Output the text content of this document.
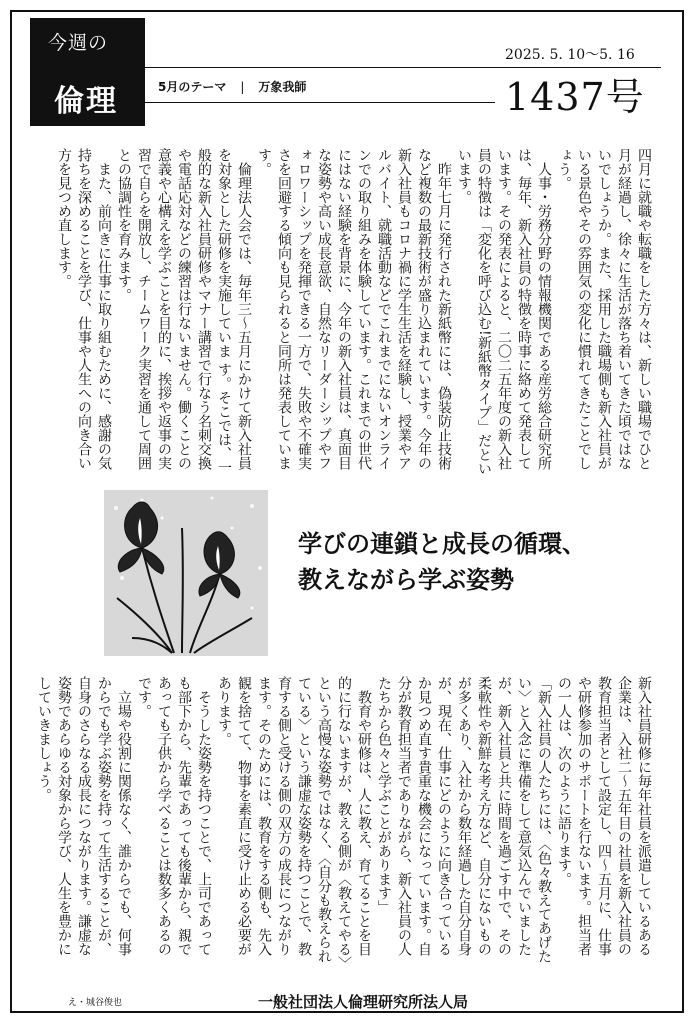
今週の
倫理	5月のテーマ | 万象我師
2025. 5. 10～5. 16
1437号
四月に就職や転職をした方々は、新しい職場でひと月が経過し、徐々に生活が落ち着いてきた頃ではないでしょうか。また、採用した職場側も新入社員がいる景色やその雰囲気の変化に慣れてきたことでしょう。
　人事・労務分野の情報機関である産労総合研究所は、毎年、新入社員の特徴を時事に絡めて発表しています。その発表によると、二〇二五年度の新入社員の特徴は「変化を呼び込む!新紙幣タイプ」だといいます。
　昨年七月に発行された新紙幣には、偽装防止技術など複数の最新技術が盛り込まれています。今年の新入社員もコロナ禍に学生生活を経験し、授業やアルバイト、就職活動などでこれまでにないオンラインでの取り組みを体験しています。これまでの世代にはない経験を背景に、今年の新入社員は、真面目な姿勢や高い成長意欲、自然なリーダーシップやフォロワーシップを発揮できる一方で、失敗や不確実さを回避する傾向も見られると同所は発表しています。
　倫理法人会では、毎年三～五月にかけて新入社員を対象とした研修を実施していま す。そこでは、一般的な新入社員研修やマナー講習で行なう名刺交換や電話応対などの練習は行ないません。働くことの意義や心構えを学ぶことを目的に、挨拶や返事の実習で自らを開放し、チームワーク実習を通して周囲との協調性を育みます。
　また、前向きに仕事に取り組むために、感謝の気持ちを深めることを学び、仕事や人生への向き合い方を見つめ直します。
学びの連鎖と成長の循環、
教えながら学ぶ姿勢
新入社員研修に毎年社員を派遣しているある企業は、入社二～五年目の社員を新入社員の教育担当者として設定し、四～五月に、仕事や研修参加のサポートを行ないます。担当者の一人は、次のように語ります。
「新入社員の人たちには、〈色々教えてあげたい〉と入念に準備をして意気込んでいましたが、新入社員と共に時間を過ごす中で、その柔軟性や新鮮な考え方など、自分にないものが多くあり、入社から数年経過した自分自身が、現在、仕事にどのように向き合っているか見つめ直す貴重な機会になっています。自分が教育担当者でありながら、新入社員の人たちから色々と学ぶことがあります」
　教育や研修は、人に教え、育てることを目的に行ないますが、教える側が〈教えてやる〉という高慢な姿勢ではなく、〈自分も教えられている〉という謙虚な姿勢を持つことで、教育する側と受ける側の双方の成長につながります。そのためには、教育をする側も、先入観を捨てて、物事を素直に受け止める必要があります。
　そうした姿勢を持つことで、上司であっても部下から、先輩であっても後輩から、親であっても子供から学べることは数多くあるのです。
　立場や役割に関係なく、誰からでも、何事からでも学ぶ姿勢を持って生活することが、自身のさらなる成長につながります。謙虚な姿勢であらゆる対象から学び、人生を豊かにしていきましょう。
え・城谷俊也	一般社団法人倫理研究所法人局
